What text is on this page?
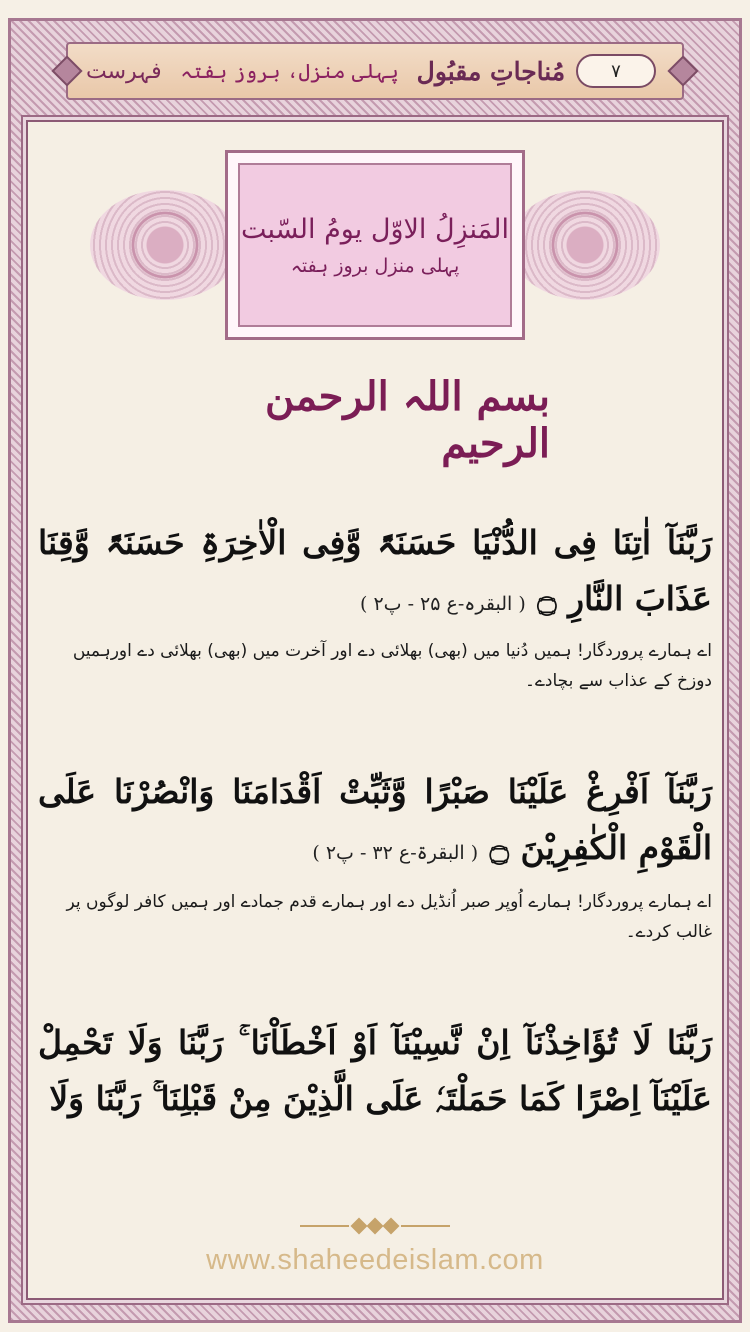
فہرست	مُناجاتِ مقبُول
پہلی منزل، بروز ہفتہ	۷
المَنزِلُ الاوّل یومُ السّبت
پہلی منزل بروز ہفتہ
بسم اللہ الرحمن الرحیم

رَبَّنَآ اٰتِنَا فِی الدُّنْیَا حَسَنَۃً وَّفِی الْاٰخِرَۃِ حَسَنَۃً وَّقِنَا عَذَابَ النَّارِ ۝ ( البقرہ-ع ۲۵ - پ۲ )

اے ہمارے پروردگار! ہمیں دُنیا میں (بھی) بھلائی دے اور آخرت میں (بھی) بھلائی دے اورہمیں دوزخ کے عذاب سے بچادے۔

رَبَّنَآ اَفْرِغْ عَلَیْنَا صَبْرًا وَّثَبِّتْ اَقْدَامَنَا وَانْصُرْنَا عَلَی الْقَوْمِ الْکٰفِرِیْنَ ۝ ( البقرۃ-ع ۳۲ - پ۲ )

اے ہمارے پروردگار! ہمارے اُوپر صبر اُنڈیل دے اور ہمارے قدم جمادے اور ہمیں کافر لوگوں پر غالب کردے۔

رَبَّنَا لَا تُؤَاخِذْنَآ اِنْ نَّسِیْنَآ اَوْ اَخْطَاْنَا ۚ رَبَّنَا وَلَا تَحْمِلْ عَلَیْنَآ اِصْرًا کَمَا حَمَلْتَہٗ عَلَی الَّذِیْنَ مِنْ قَبْلِنَا ۚ رَبَّنَا وَلَا

www.shaheedeislam.com
